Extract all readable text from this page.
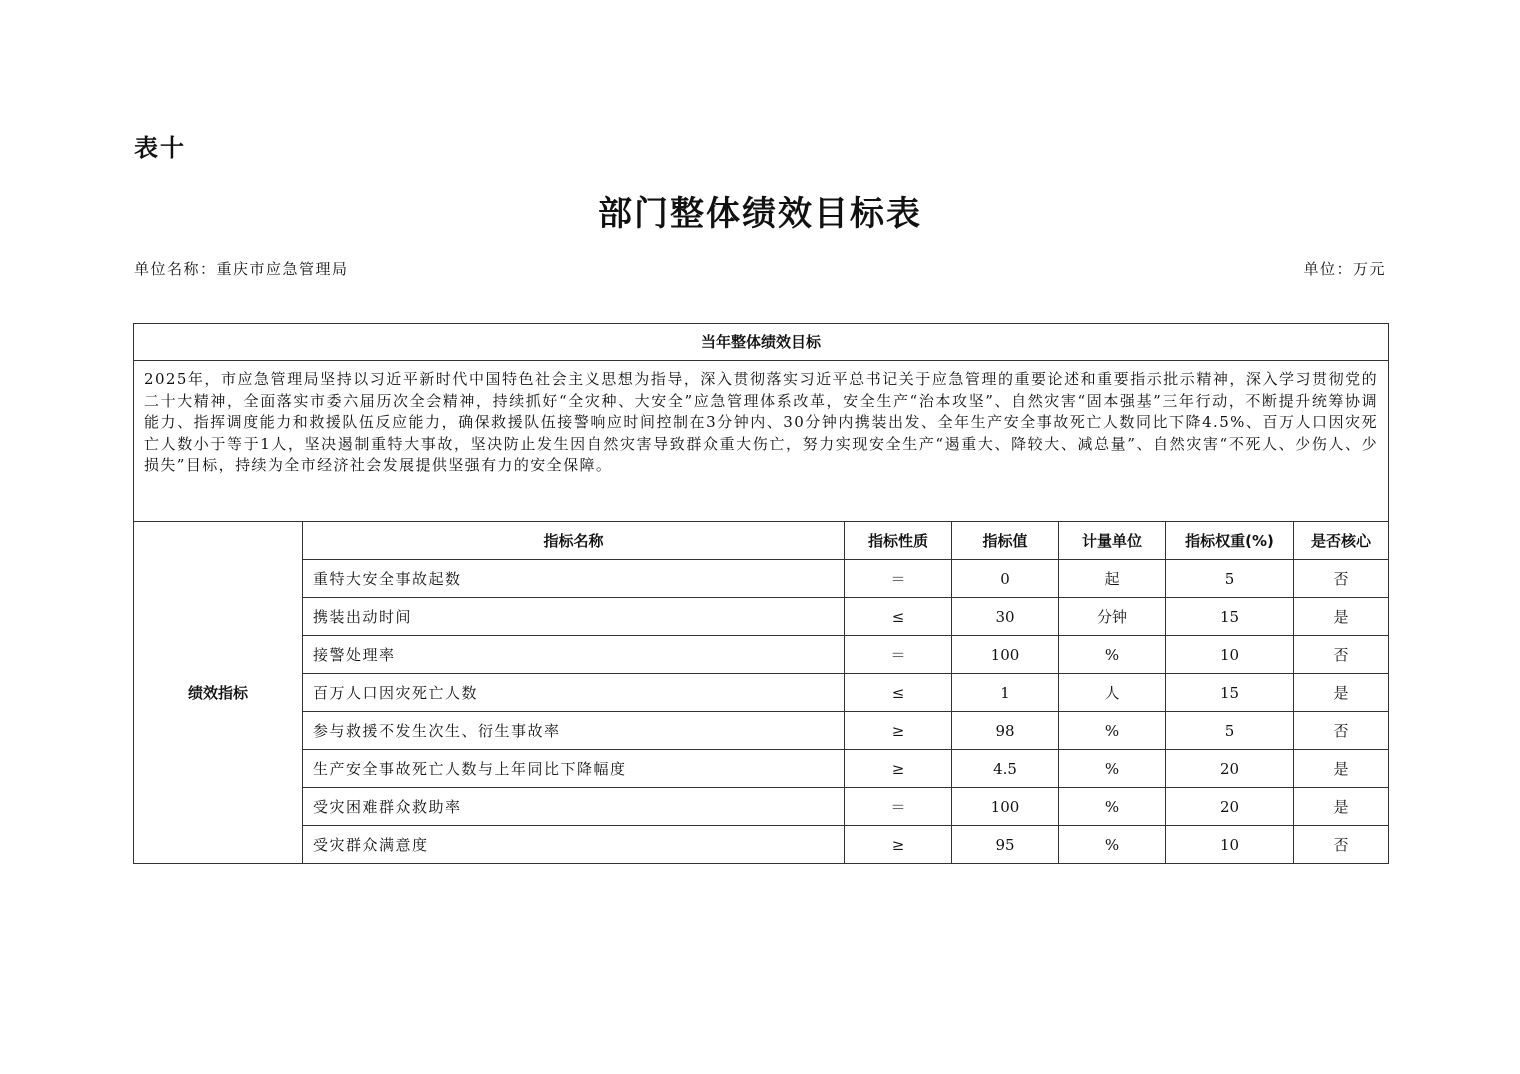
表十
部门整体绩效目标表
单位名称：重庆市应急管理局	单位：万元
当年整体绩效目标						
2025年，市应急管理局坚持以习近平新时代中国特色社会主义思想为指导，深入贯彻落实习近平总书记关于应急管理的重要论述和重要指示批示精神，深入学习贯彻党的二十大精神，全面落实市委六届历次全会精神，持续抓好“全灾种、大安全”应急管理体系改革，安全生产“治本攻坚”、自然灾害“固本强基”三年行动，不断提升统筹协调能力、指挥调度能力和救援队伍反应能力，确保救援队伍接警响应时间控制在3分钟内、30分钟内携装出发、全年生产安全事故死亡人数同比下降4.5%、百万人口因灾死亡人数小于等于1人，坚决遏制重特大事故，坚决防止发生因自然灾害导致群众重大伤亡，努力实现安全生产“遏重大、降较大、减总量”、自然灾害“不死人、少伤人、少损失”目标，持续为全市经济社会发展提供坚强有力的安全保障。						
绩效指标	指标名称	指标性质	指标值	计量单位	指标权重(%)	是否核心
	重特大安全事故起数	＝	0	起	5	否
	携装出动时间	≤	30	分钟	15	是
	接警处理率	＝	100	%	10	否
	百万人口因灾死亡人数	≤	1	人	15	是
	参与救援不发生次生、衍生事故率	≥	98	%	5	否
	生产安全事故死亡人数与上年同比下降幅度	≥	4.5	%	20	是
	受灾困难群众救助率	＝	100	%	20	是
	受灾群众满意度	≥	95	%	10	否
